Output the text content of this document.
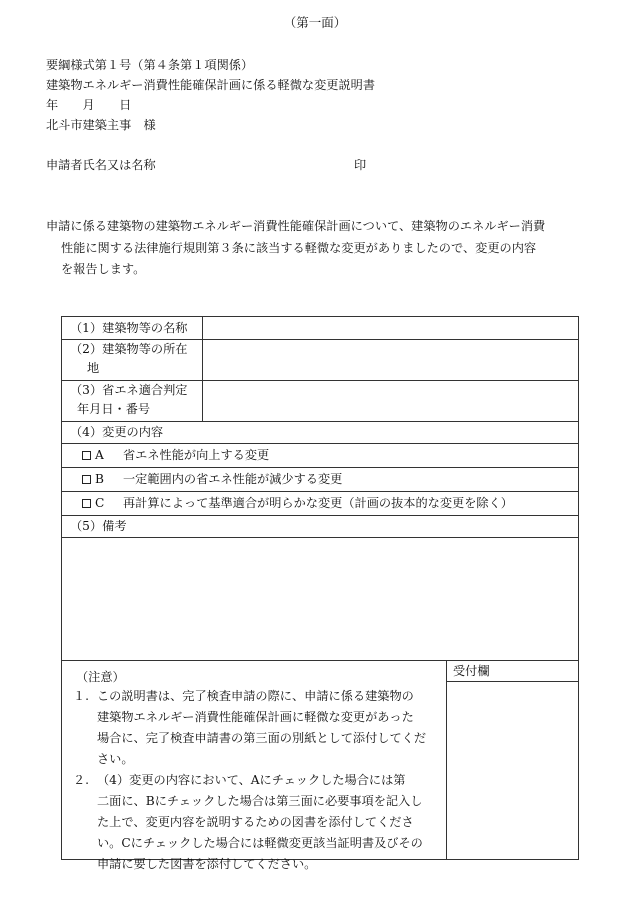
（第一面）
要綱様式第１号（第４条第１項関係）
建築物エネルギー消費性能確保計画に係る軽微な変更説明書
年　　月　　日
北斗市建築主事　様
申請者氏名又は名称	印
申請に係る建築物の建築物エネルギー消費性能確保計画について、建築物のエネルギー消費
性能に関する法律施行規則第３条に該当する軽微な変更がありましたので、変更の内容
を報告します。
（1）建築物等の名称
（2）建築物等の所在
地
（3）省エネ適合判定
年月日・番号
（4）変更の内容
A 省エネ性能が向上する変更
B 一定範囲内の省エネ性能が減少する変更
C 再計算によって基準適合が明らかな変更（計画の抜本的な変更を除く）
（5）備考
（注意）
１. この説明書は、完了検査申請の際に、申請に係る建築物の
建築物エネルギー消費性能確保計画に軽微な変更があった
場合に、完了検査申請書の第三面の別紙として添付してくだ
さい。
２. （4）変更の内容において、Aにチェックした場合には第
二面に、Bにチェックした場合は第三面に必要事項を記入し
た上で、変更内容を説明するための図書を添付してくださ
い。Cにチェックした場合には軽微変更該当証明書及びその
申請に要した図書を添付してください。
受付欄
